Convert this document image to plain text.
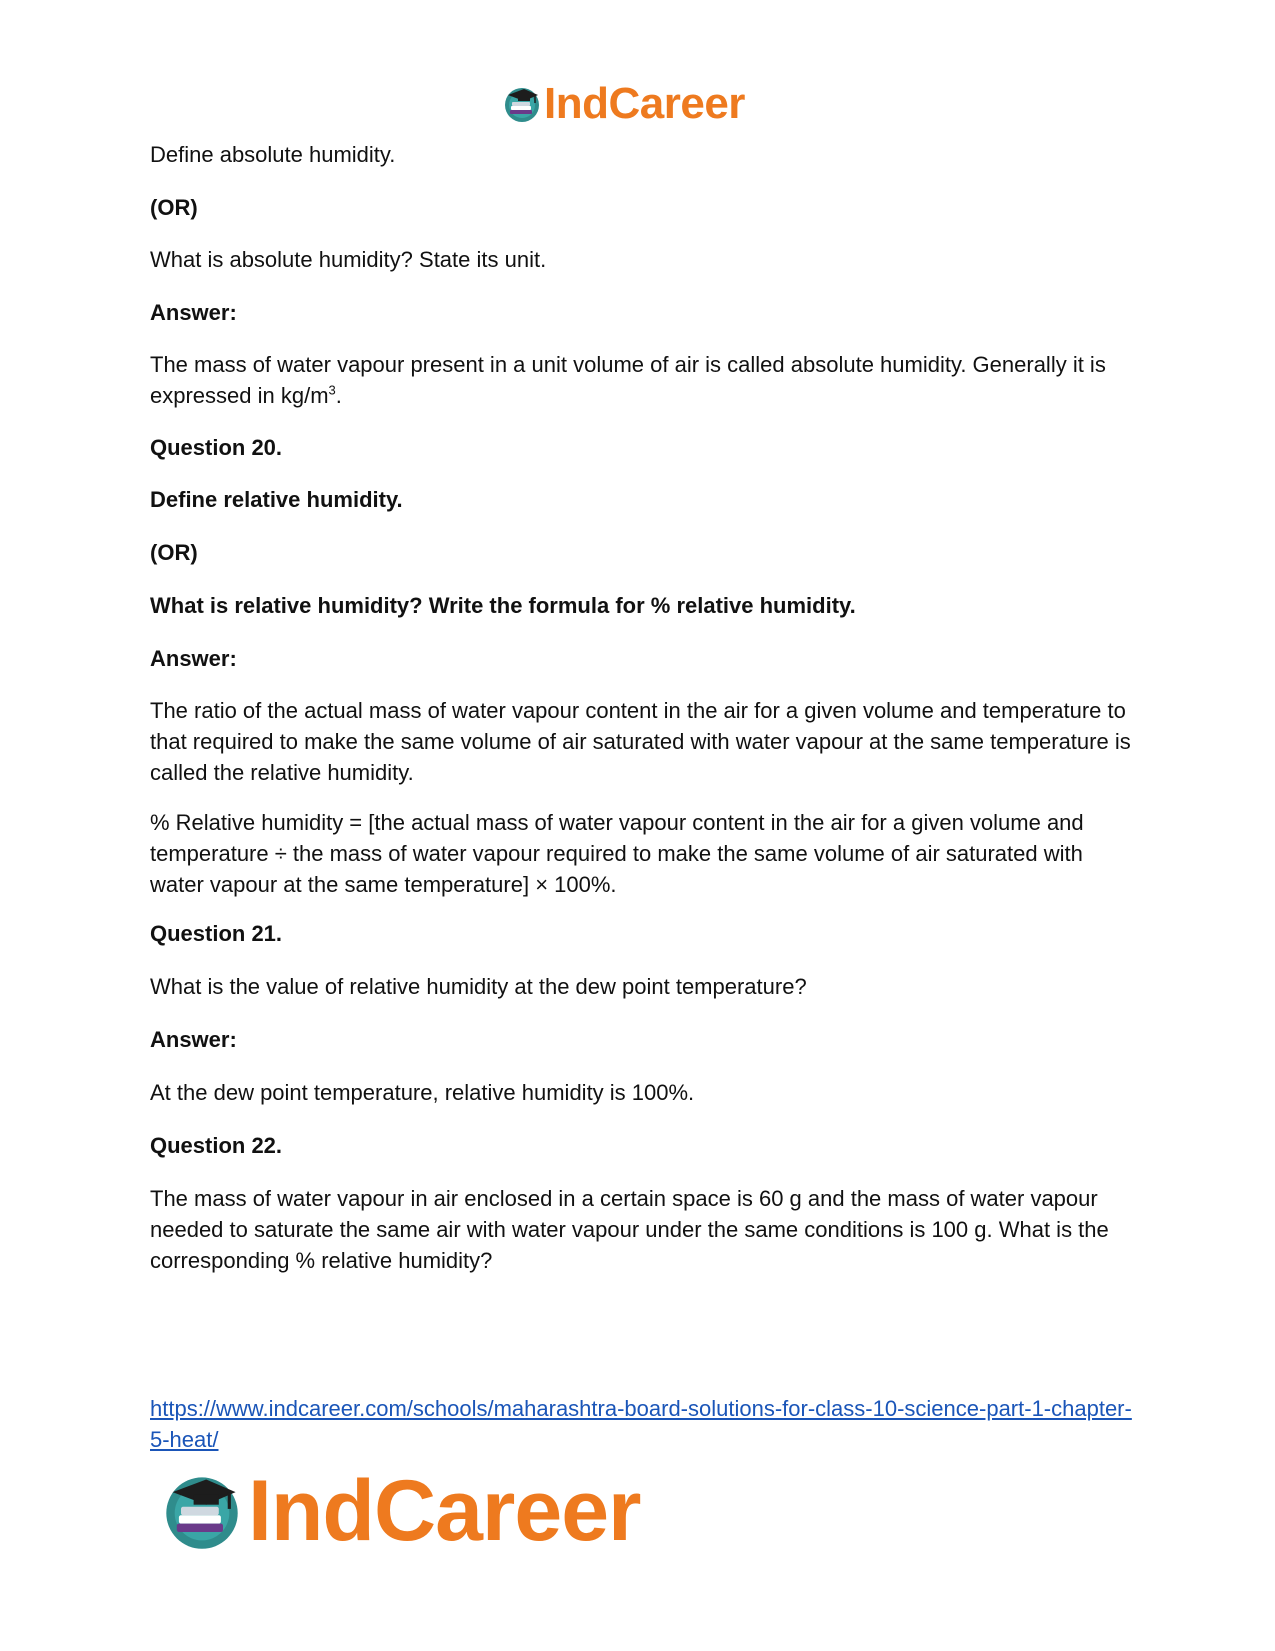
IndCareer

Define absolute humidity.

(OR)

What is absolute humidity? State its unit.

Answer:

The mass of water vapour present in a unit volume of air is called absolute humidity. Generally it is expressed in $kg/m^3$.

Question 20.

Define relative humidity.

(OR)

What is relative humidity? Write the formula for % relative humidity.

Answer:

The ratio of the actual mass of water vapour content in the air for a given volume and temperature to that required to make the same volume of air saturated with water vapour at the same temperature is called the relative humidity.

% Relative humidity = [the actual mass of water vapour content in the air for a given volume and temperature ÷ the mass of water vapour required to make the same volume of air saturated with water vapour at the same temperature] × 100%.

Question 21.

What is the value of relative humidity at the dew point temperature?

Answer:

At the dew point temperature, relative humidity is 100%.

Question 22.

The mass of water vapour in air enclosed in a certain space is 60 g and the mass of water vapour needed to saturate the same air with water vapour under the same conditions is 100 g. What is the corresponding % relative humidity?

https://www.indcareer.com/schools/maharashtra-board-solutions-for-class-10-science-part-1-chapter-5-heat/
IndCareer
